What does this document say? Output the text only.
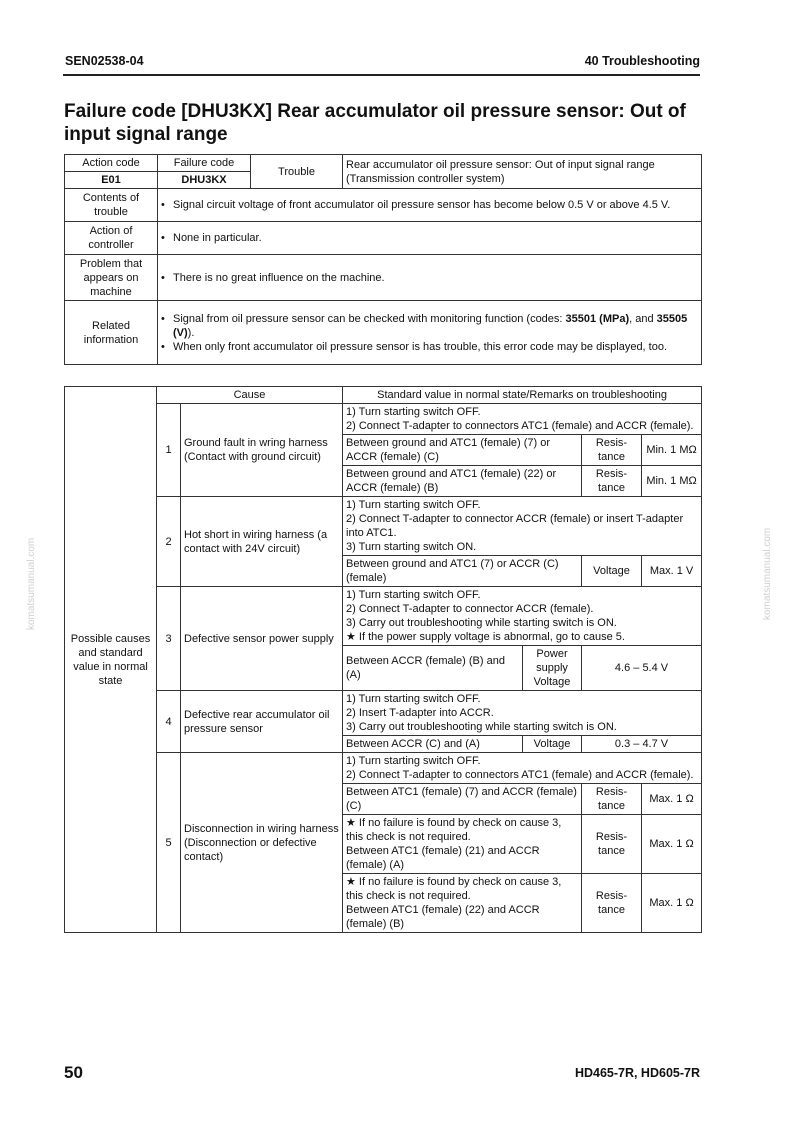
SEN02538-04	40 Troubleshooting
Failure code [DHU3KX] Rear accumulator oil pressure sensor: Out of input signal range
Action code	Failure code	Trouble	Rear accumulator oil pressure sensor: Out of input signal range
(Transmission controller system)

E01	DHU3KX		
Contents of trouble	• Signal circuit voltage of front accumulator oil pressure sensor has become below 0.5 V or above 4.5 V.		

Action of controller	• None in particular.		

Problem that appears on machine	• There is no great influence on the machine.		

Related information	• Signal from oil pressure sensor can be checked with monitoring function (codes: 35501 (MPa), and 35505 (V)).
• When only front accumulator oil pressure sensor is has trouble, this error code may be displayed, too.		
Possible causes and standard value in normal state	Cause		Standard value in normal state/Remarks on troubleshooting			
	1	Ground fault in wring harness (Contact with ground circuit)	1) Turn starting switch OFF.
2) Connect T-adapter to connectors ATC1 (female) and ACCR (female).			

			Between ground and ATC1 (female) (7) or ACCR (female) (C)		Resis-tance	Min. 1 MΩ
			Between ground and ATC1 (female) (22) or ACCR (female) (B)		Resis-tance	Min. 1 MΩ
	2	Hot short in wiring harness (a contact with 24V circuit)	1) Turn starting switch OFF.
2) Connect T-adapter to connector ACCR (female) or insert T-adapter into ATC1.
3) Turn starting switch ON.			

			Between ground and ATC1 (7) or ACCR (C) (female)		Voltage	Max. 1 V
	3	Defective sensor power supply	1) Turn starting switch OFF.
2) Connect T-adapter to connector ACCR (female).
3) Carry out troubleshooting while starting switch is ON.
★ If the power supply voltage is abnormal, go to cause 5.			

			Between ACCR (female) (B) and (A)	Power supply Voltage	4.6 – 5.4 V	
	4	Defective rear accumulator oil pressure sensor	1) Turn starting switch OFF.
2) Insert T-adapter into ACCR.
3) Carry out troubleshooting while starting switch is ON.			

			Between ACCR (C) and (A)	Voltage	0.3 – 4.7 V	
	5	Disconnection in wiring harness (Disconnection or defective contact)	1) Turn starting switch OFF.
2) Connect T-adapter to connectors ATC1 (female) and ACCR (female).			

			Between ATC1 (female) (7) and ACCR (female) (C)		Resis-tance	Max. 1 Ω

			★ If no failure is found by check on cause 3, this check is not required.
Between ATC1 (female) (21) and ACCR (female) (A)		Resis-tance	Max. 1 Ω

			★ If no failure is found by check on cause 3, this check is not required.
Between ATC1 (female) (22) and ACCR (female) (B)		Resis-tance	Max. 1 Ω
komatsumanual.com	komatsumanual.com
50	HD465-7R, HD605-7R
